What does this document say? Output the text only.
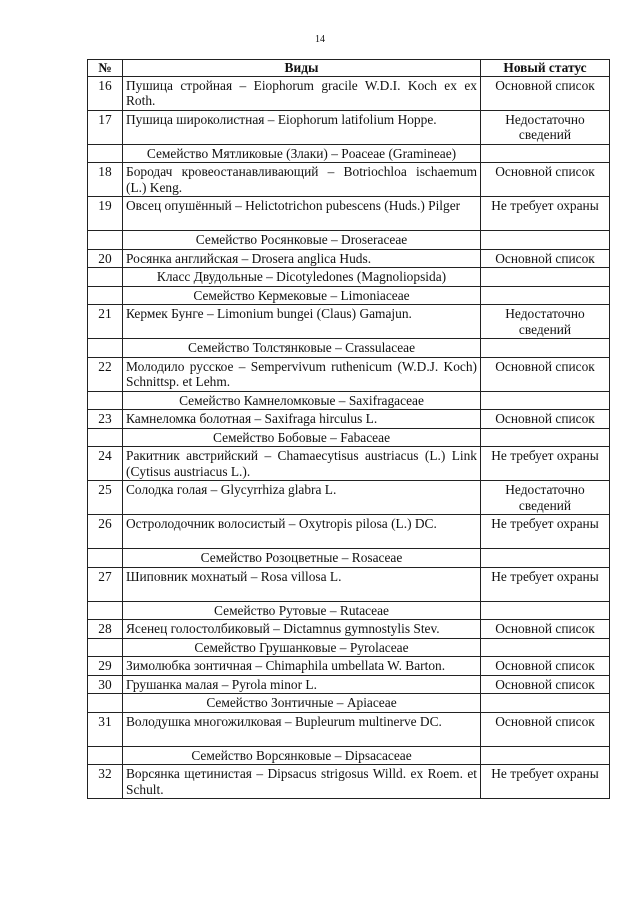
14
№	Виды	Новый статус
16	Пушица стройная – Eiophorum gracile W.D.I. Koch ex ex Roth.	Основной список
17	Пушица широколистная – Eiophorum latifolium Hoppe.	Недостаточно сведений
	Семейство Мятликовые (Злаки) – Poaceae (Gramineae)	
18	Бородач кровеостанавливающий – Botriochloa ischaemum (L.) Keng.	Основной список
19	Овсец опушённый – Helictotrichon pubescens (Huds.) Pilger	Не требует охраны
	Семейство Росянковые – Droseraceae	
20	Росянка английская – Drosera anglica Huds.	Основной список
	Класс Двудольные – Dicotyledones (Magnoliopsida)	
	Семейство Кермековые – Limoniaceae	
21	Кермек Бунге – Limonium bungei (Claus) Gamajun.	Недостаточно сведений
	Семейство Толстянковые – Crassulaceae	
22	Молодило русское – Sempervivum ruthenicum (W.D.J. Koch) Schnittsp. et Lehm.	Основной список
	Семейство Камнеломковые – Saxifragaceae	
23	Камнеломка болотная – Saxifraga hirculus L.	Основной список
	Семейство Бобовые – Fabaceae	
24	Ракитник австрийский – Chamaecytisus austriacus (L.) Link (Cytisus austriacus L.).	Не требует охраны
25	Солодка голая – Glycyrrhiza glabra L.	Недостаточно сведений
26	Остролодочник волосистый – Oxytropis pilosa (L.) DC.	Не требует охраны
	Семейство Розоцветные – Rosaceae	
27	Шиповник мохнатый – Rosa villosa L.	Не требует охраны
	Семейство Рутовые – Rutaceae	
28	Ясенец голостолбиковый – Dictamnus gymnostylis Stev.	Основной список
	Семейство Грушанковые – Pyrolaceae	
29	Зимолюбка зонтичная – Chimaphila umbellata W. Barton.	Основной список
30	Грушанка малая – Pyrola minor L.	Основной список
	Семейство Зонтичные – Apiaceae	
31	Володушка многожилковая – Bupleurum multinerve DC.	Основной список
	Семейство Ворсянковые – Dipsacaceae	
32	Ворсянка щетинистая – Dipsacus strigosus Willd. ex Roem. et Schult.	Не требует охраны
